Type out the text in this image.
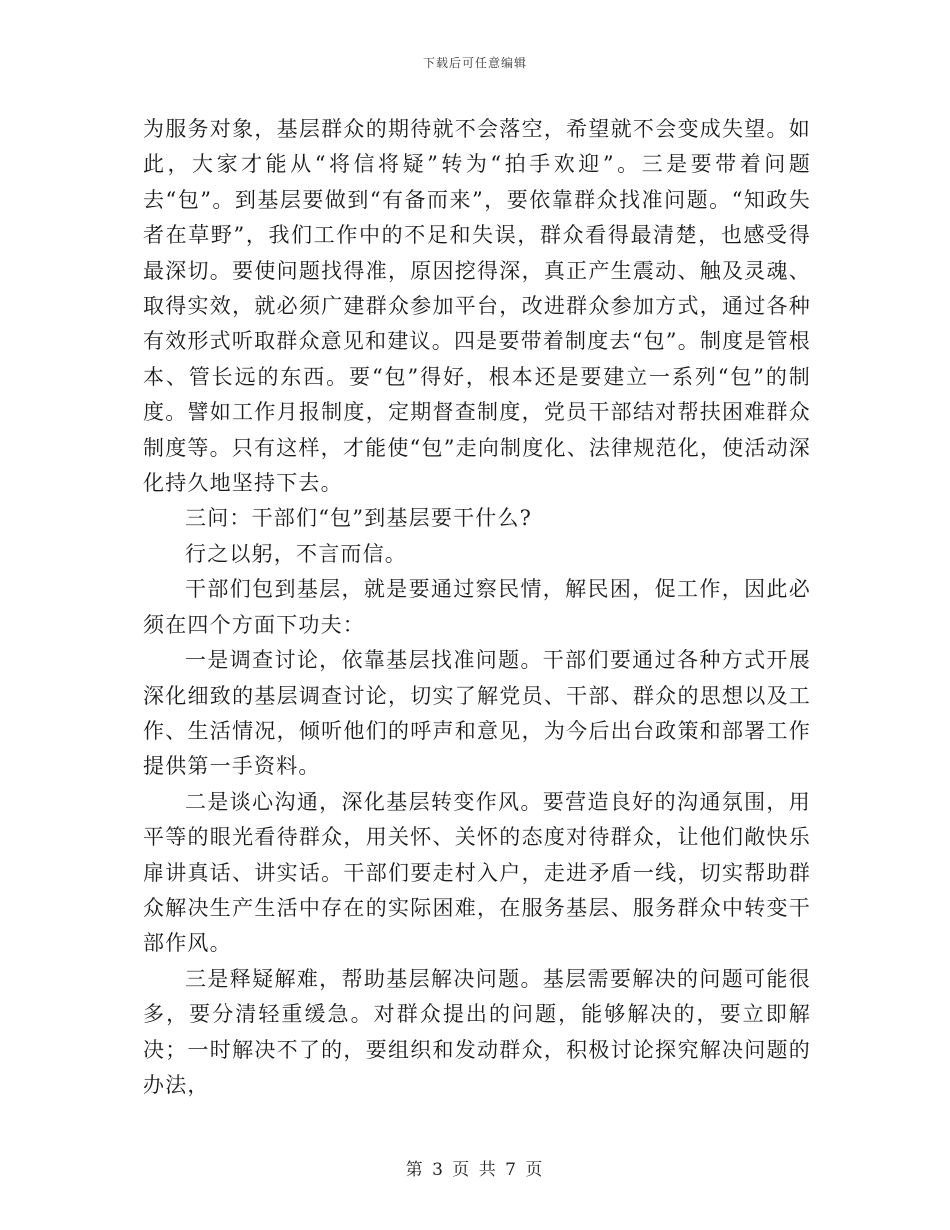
下载后可任意编辑

为服务对象，基层群众的期待就不会落空，希望就不会变成失望。如此，大家才能从“将信将疑”转为“拍手欢迎”。三是要带着问题去“包”。到基层要做到“有备而来”，要依靠群众找准问题。“知政失者在草野”，我们工作中的不足和失误，群众看得最清楚，也感受得最深切。要使问题找得准，原因挖得深，真正产生震动、触及灵魂、取得实效，就必须广建群众参加平台，改进群众参加方式，通过各种有效形式听取群众意见和建议。四是要带着制度去“包”。制度是管根本、管长远的东西。要“包”得好，根本还是要建立一系列“包”的制度。譬如工作月报制度，定期督查制度，党员干部结对帮扶困难群众制度等。只有这样，才能使“包”走向制度化、法律规范化，使活动深化持久地坚持下去。

三问：干部们“包”到基层要干什么?

行之以躬，不言而信。

干部们包到基层，就是要通过察民情，解民困，促工作，因此必须在四个方面下功夫：

一是调查讨论，依靠基层找准问题。干部们要通过各种方式开展深化细致的基层调查讨论，切实了解党员、干部、群众的思想以及工作、生活情况，倾听他们的呼声和意见，为今后出台政策和部署工作提供第一手资料。

二是谈心沟通，深化基层转变作风。要营造良好的沟通氛围，用平等的眼光看待群众，用关怀、关怀的态度对待群众，让他们敞快乐扉讲真话、讲实话。干部们要走村入户，走进矛盾一线，切实帮助群众解决生产生活中存在的实际困难，在服务基层、服务群众中转变干部作风。

三是释疑解难，帮助基层解决问题。基层需要解决的问题可能很多，要分清轻重缓急。对群众提出的问题，能够解决的，要立即解决；一时解决不了的，要组织和发动群众，积极讨论探究解决问题的办法，

第 3 页 共 7 页
